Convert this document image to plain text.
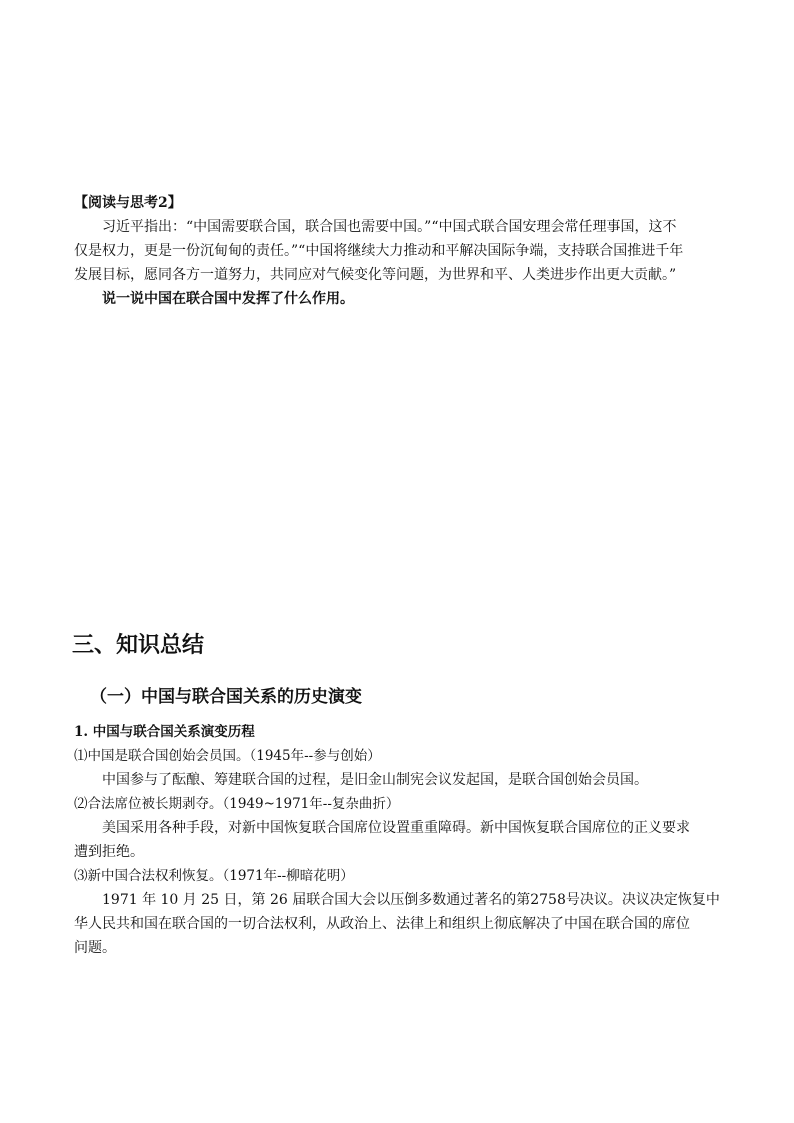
【阅读与思考2】
习近平指出：“中国需要联合国，联合国也需要中国。”“中国式联合国安理会常任理事国，这不
仅是权力，更是一份沉甸甸的责任。”“中国将继续大力推动和平解决国际争端，支持联合国推进千年
发展目标，愿同各方一道努力，共同应对气候变化等问题，为世界和平、人类进步作出更大贡献。”
说一说中国在联合国中发挥了什么作用。
三、知识总结
（一）中国与联合国关系的历史演变
1. 中国与联合国关系演变历程
⑴中国是联合国创始会员国。（1945年--参与创始）
中国参与了酝酿、筹建联合国的过程，是旧金山制宪会议发起国，是联合国创始会员国。
⑵合法席位被长期剥夺。（1949~1971年--复杂曲折）
美国采用各种手段，对新中国恢复联合国席位设置重重障碍。新中国恢复联合国席位的正义要求
遭到拒绝。
⑶新中国合法权利恢复。（1971年--柳暗花明）
1971 年 10 月 25 日，第 26 届联合国大会以压倒多数通过著名的第2758号决议。决议决定恢复中
华人民共和国在联合国的一切合法权利，从政治上、法律上和组织上彻底解决了中国在联合国的席位
问题。
